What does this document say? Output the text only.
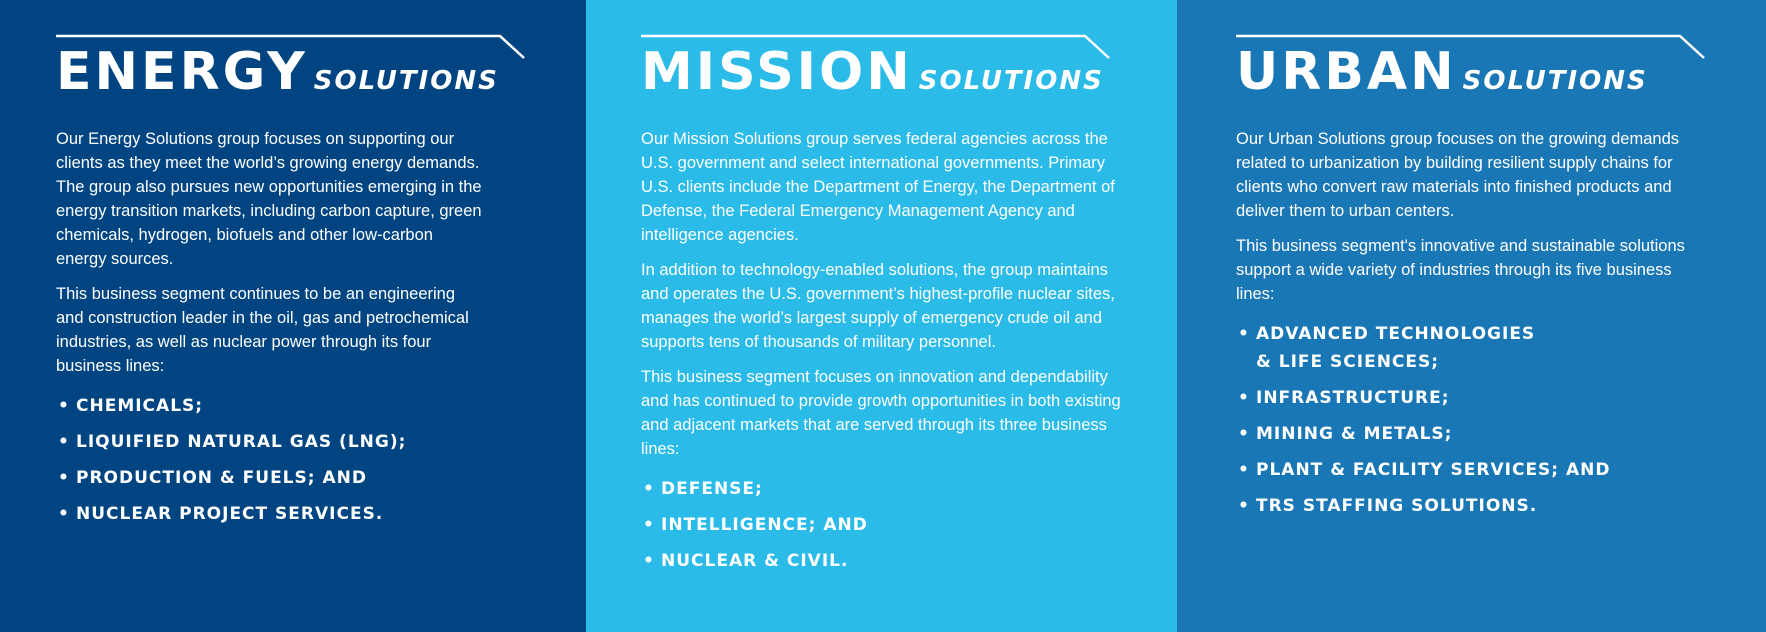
ENERGY SOLUTIONS

Our Energy Solutions group focuses on supporting our clients as they meet the world’s growing energy demands. The group also pursues new opportunities emerging in the energy transition markets, including carbon capture, green chemicals, hydrogen, biofuels and other low-carbon energy sources.

This business segment continues to be an engineering and construction leader in the oil, gas and petrochemical industries, as well as nuclear power through its four business lines:

• CHEMICALS;
• LIQUIFIED NATURAL GAS (LNG);
• PRODUCTION & FUELS; AND
• NUCLEAR PROJECT SERVICES.
MISSION SOLUTIONS

Our Mission Solutions group serves federal agencies across the U.S. government and select international governments. Primary U.S. clients include the Department of Energy, the Department of Defense, the Federal Emergency Management Agency and intelligence agencies.

In addition to technology-enabled solutions, the group maintains and operates the U.S. government’s highest-profile nuclear sites, manages the world’s largest supply of emergency crude oil and supports tens of thousands of military personnel.

This business segment focuses on innovation and dependability and has continued to provide growth opportunities in both existing and adjacent markets that are served through its three business lines:

• DEFENSE;
• INTELLIGENCE; AND
• NUCLEAR & CIVIL.
URBAN SOLUTIONS

Our Urban Solutions group focuses on the growing demands related to urbanization by building resilient supply chains for clients who convert raw materials into finished products and deliver them to urban centers.

This business segment's innovative and sustainable solutions support a wide variety of industries through its five business lines:

• ADVANCED TECHNOLOGIES
& LIFE SCIENCES;
• INFRASTRUCTURE;
• MINING & METALS;
• PLANT & FACILITY SERVICES; AND
• TRS STAFFING SOLUTIONS.
